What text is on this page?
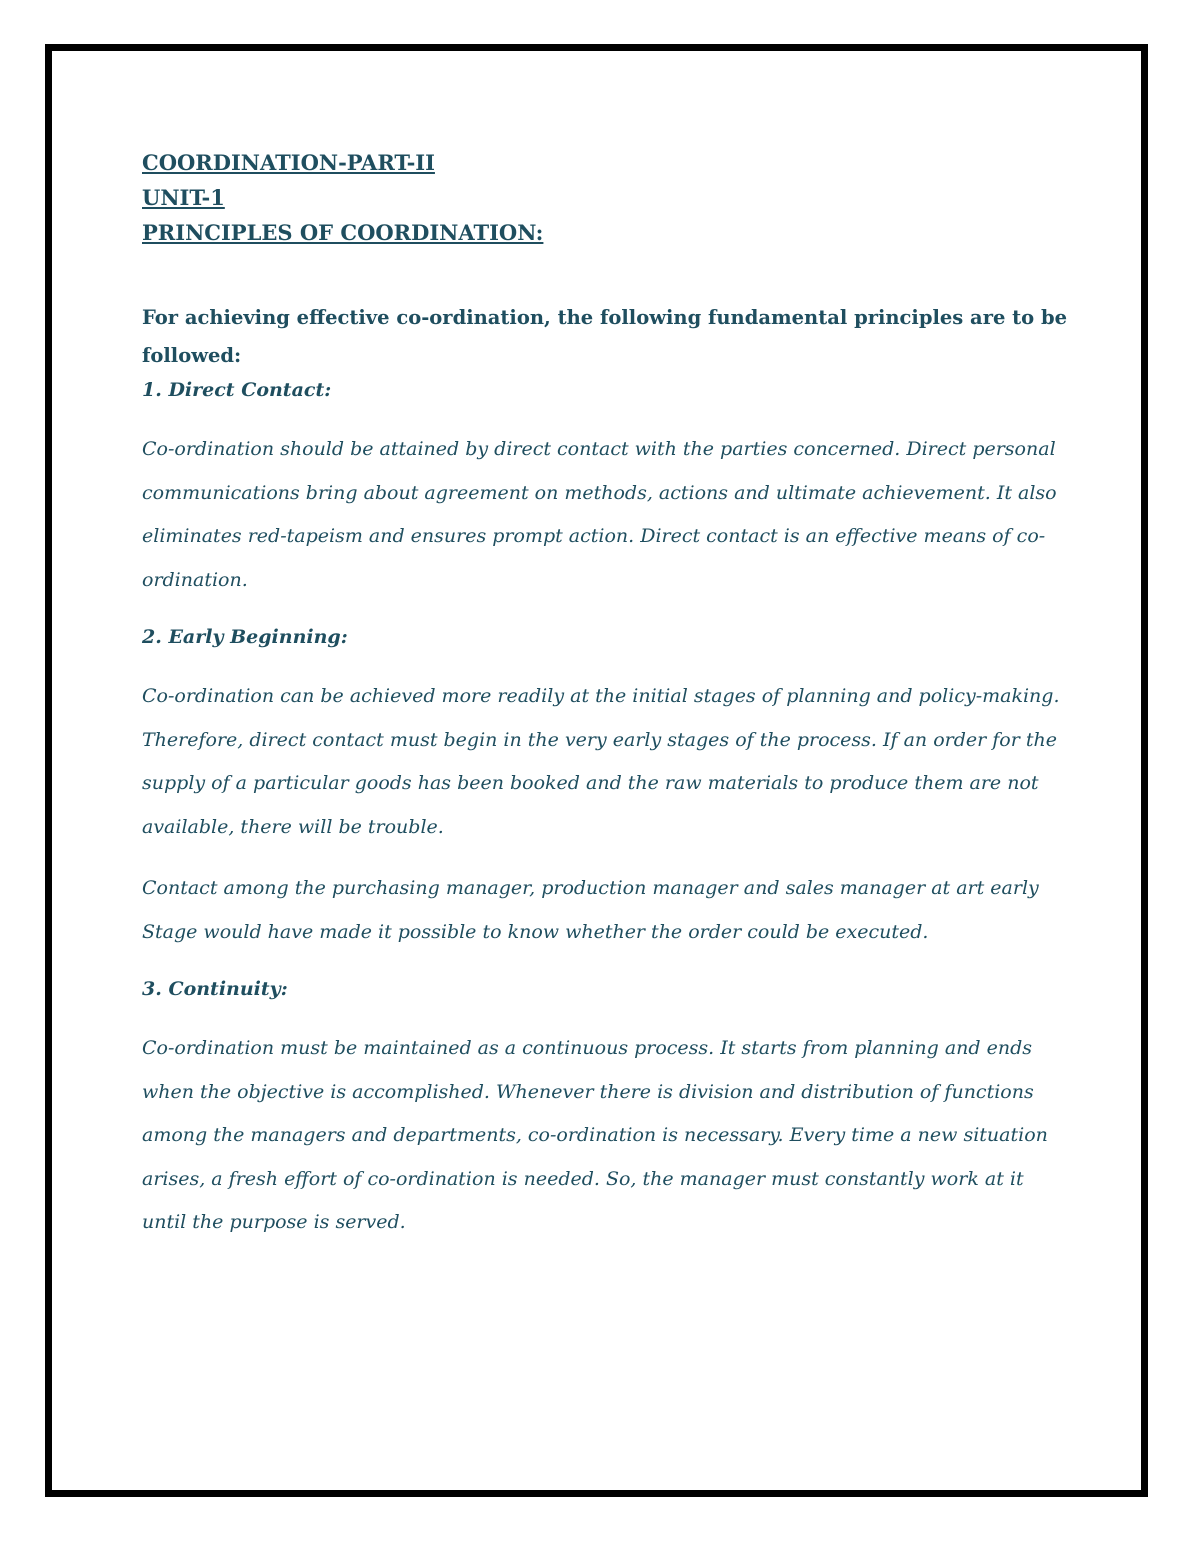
COORDINATION-PART-II

UNIT-1

PRINCIPLES OF COORDINATION:

For achieving effective co-ordination, the following fundamental principles are to be followed:

1. Direct Contact:

Co-ordination should be attained by direct contact with the parties concerned. Direct personal communications bring about agreement on methods, actions and ultimate achievement. It also eliminates red-tapeism and ensures prompt action. Direct contact is an effective means of co-ordination.

2. Early Beginning:

Co-ordination can be achieved more readily at the initial stages of planning and policy-making. Therefore, direct contact must begin in the very early stages of the process. If an order for the supply of a particular goods has been booked and the raw materials to produce them are not available, there will be trouble.

Contact among the purchasing manager, production manager and sales manager at art early Stage would have made it possible to know whether the order could be executed.

3. Continuity:

Co-ordination must be maintained as a continuous process. It starts from planning and ends when the objective is accomplished. Whenever there is division and distribution of functions among the managers and departments, co-ordination is necessary. Every time a new situation arises, a fresh effort of co-ordination is needed. So, the manager must constantly work at it until the purpose is served.
